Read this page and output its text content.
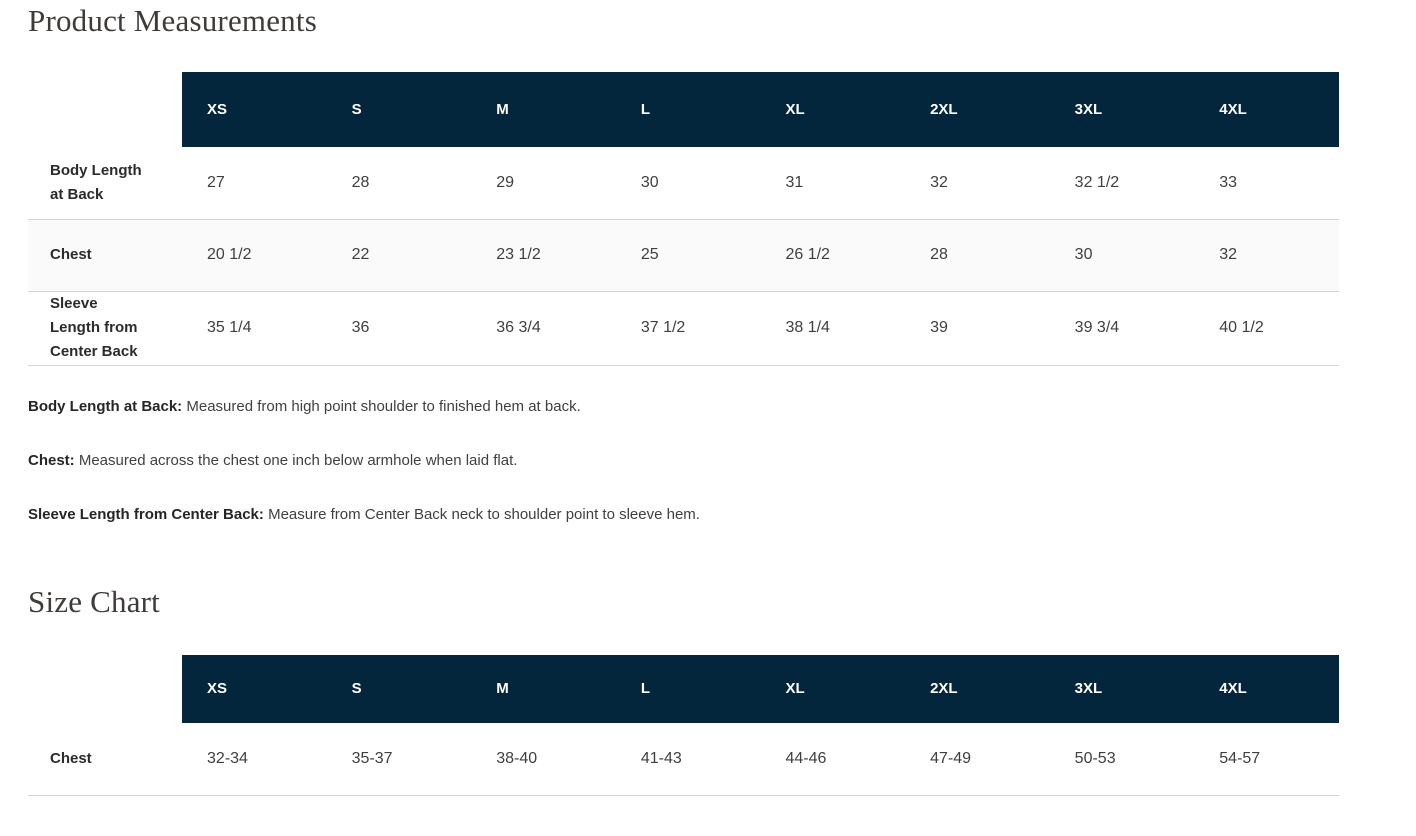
Product Measurements
	XS	S	M	L	XL	2XL	3XL	4XL
Body Length at Back	27	28	29	30	31	32	32 1/2	33
Chest	20 1/2	22	23 1/2	25	26 1/2	28	30	32
Sleeve Length from Center Back	35 1/4	36	36 3/4	37 1/2	38 1/4	39	39 3/4	40 1/2

Body Length at Back: Measured from high point shoulder to finished hem at back.

Chest: Measured across the chest one inch below armhole when laid flat.

Sleeve Length from Center Back: Measure from Center Back neck to shoulder point to sleeve hem.

Size Chart
	XS	S	M	L	XL	2XL	3XL	4XL
Chest	32-34	35-37	38-40	41-43	44-46	47-49	50-53	54-57
